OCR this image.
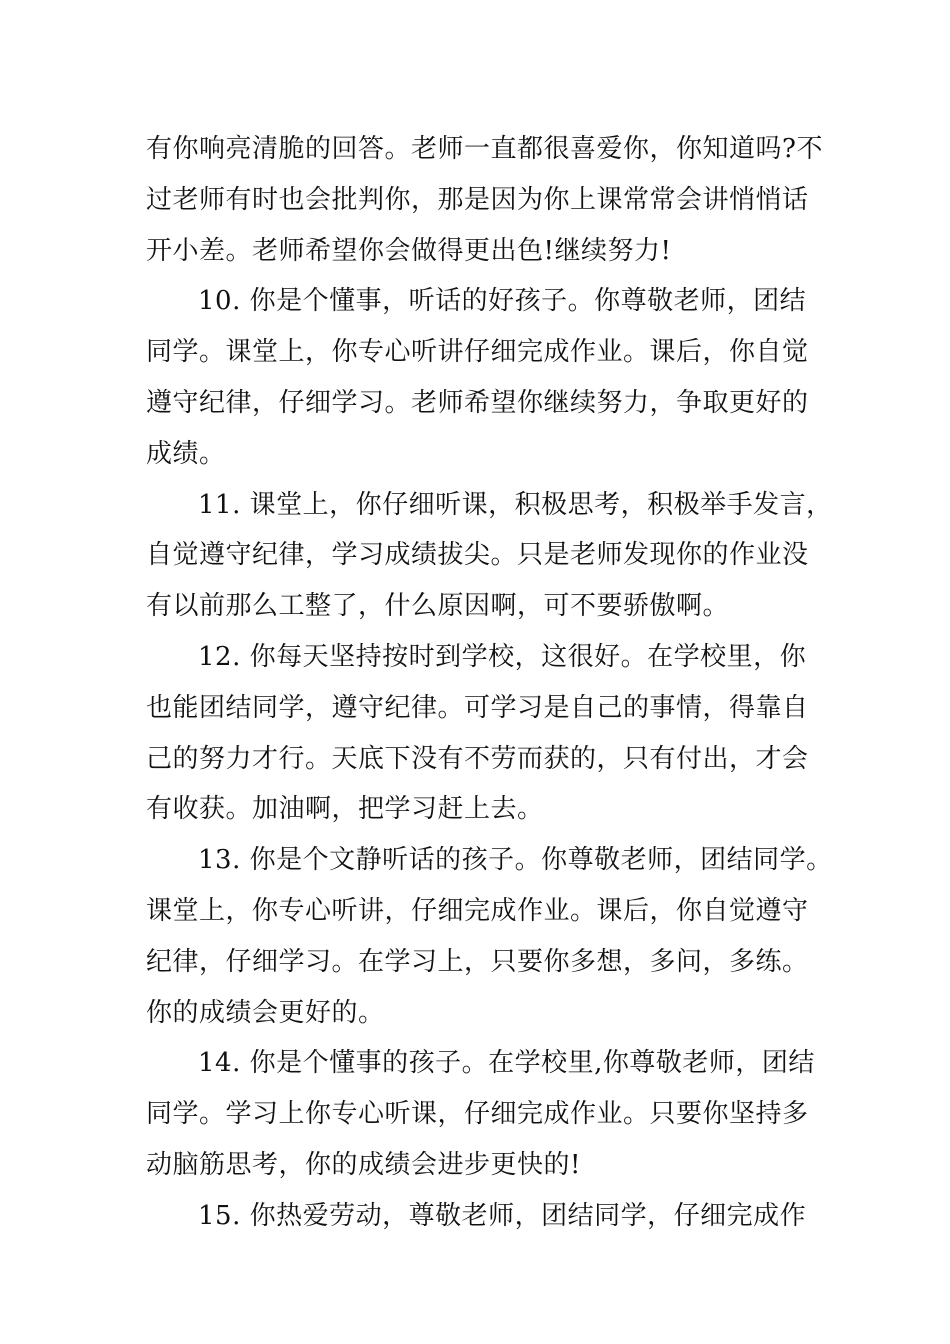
有你响亮清脆的回答。老师一直都很喜爱你，你知道吗?不
过老师有时也会批判你，那是因为你上课常常会讲悄悄话
开小差。老师希望你会做得更出色!继续努力!
10. 你是个懂事，听话的好孩子。你尊敬老师，团结
同学。课堂上，你专心听讲仔细完成作业。课后，你自觉
遵守纪律，仔细学习。老师希望你继续努力，争取更好的
成绩。
11. 课堂上，你仔细听课，积极思考，积极举手发言，
自觉遵守纪律，学习成绩拔尖。只是老师发现你的作业没
有以前那么工整了，什么原因啊，可不要骄傲啊。
12. 你每天坚持按时到学校，这很好。在学校里，你
也能团结同学，遵守纪律。可学习是自己的事情，得靠自
己的努力才行。天底下没有不劳而获的，只有付出，才会
有收获。加油啊，把学习赶上去。
13. 你是个文静听话的孩子。你尊敬老师，团结同学。
课堂上，你专心听讲，仔细完成作业。课后，你自觉遵守
纪律，仔细学习。在学习上，只要你多想，多问，多练。
你的成绩会更好的。
14. 你是个懂事的孩子。在学校里,你尊敬老师，团结
同学。学习上你专心听课，仔细完成作业。只要你坚持多
动脑筋思考，你的成绩会进步更快的!
15. 你热爱劳动，尊敬老师，团结同学，仔细完成作
